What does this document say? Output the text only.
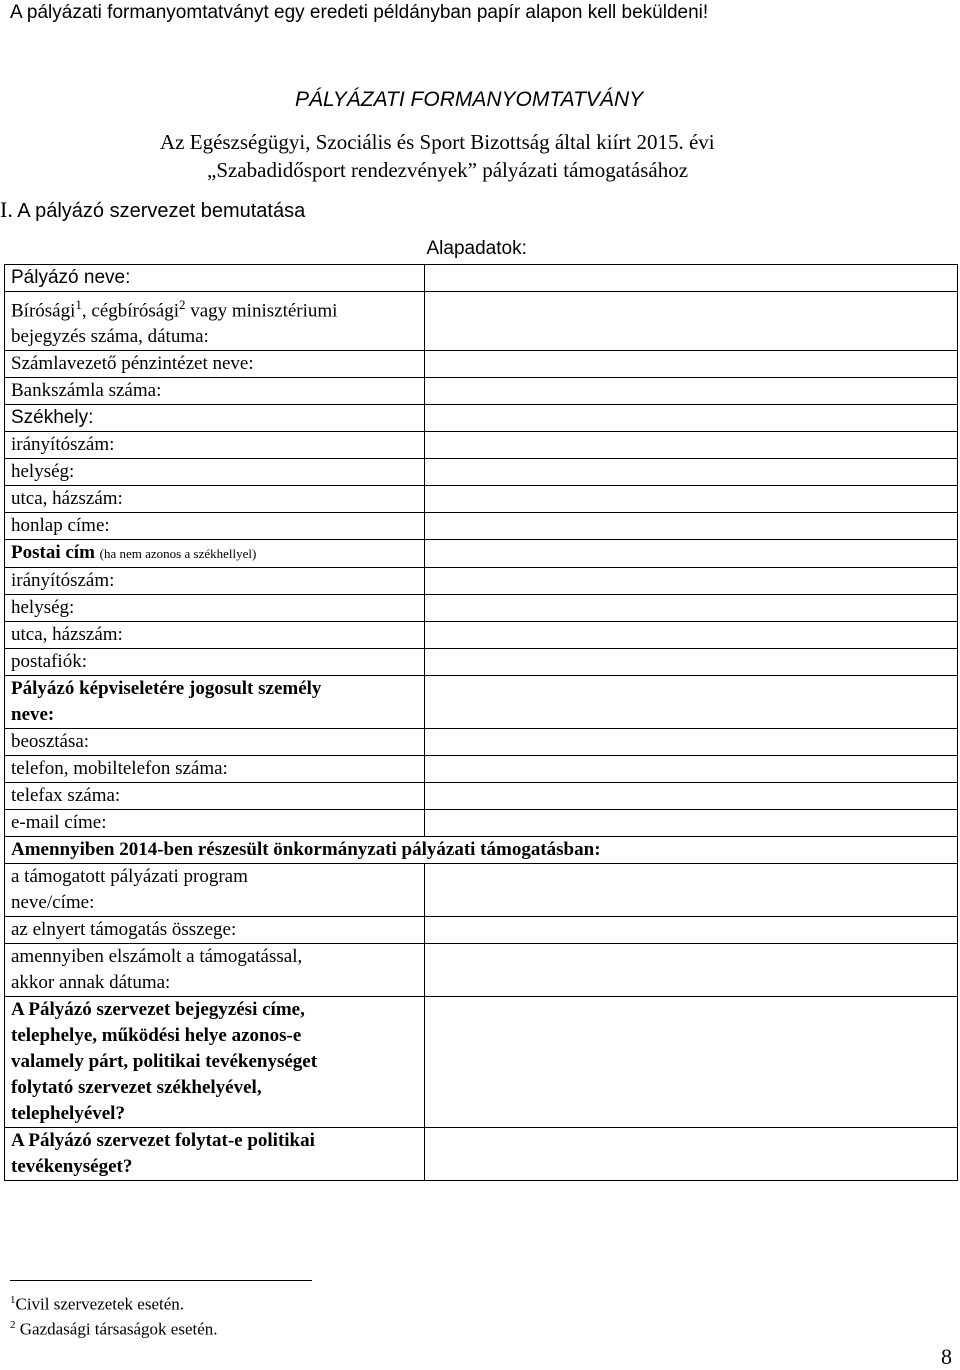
A pályázati formanyomtatványt egy eredeti példányban papír alapon kell beküldeni!
PÁLYÁZATI FORMANYOMTATVÁNY
Az Egészségügyi, Szociális és Sport Bizottság által kiírt 2015. évi
„Szabadidősport rendezvények” pályázati támogatásához
I. A pályázó szervezet bemutatása
	Alapadatok:
Pályázó neve:	
Bírósági$^1$, cégbírósági$^2$ vagy minisztériumi
bejegyzés száma, dátuma:	
Számlavezető pénzintézet neve:	
Bankszámla száma:	
Székhely:	
irányítószám:	
helység:	
utca, házszám:	
honlap címe:	
Postai cím (ha nem azonos a székhellyel)	
irányítószám:	
helység:	
utca, házszám:	
postafiók:	
Pályázó képviseletére jogosult személy
neve:	
beosztása:	
telefon, mobiltelefon száma:	
telefax száma:	
e-mail címe:	
Amennyiben 2014-ben részesült önkormányzati pályázati támogatásban:	
a támogatott pályázati program
neve/címe:	
az elnyert támogatás összege:	
amennyiben elszámolt a támogatással,
akkor annak dátuma:	
A Pályázó szervezet bejegyzési címe,
telephelye, működési helye azonos-e
valamely párt, politikai tevékenységet
folytató szervezet székhelyével,
telephelyével?	
A Pályázó szervezet folytat-e politikai
tevékenységet?	
$^1$Civil szervezetek esetén.
$^2$ Gazdasági társaságok esetén.
8
